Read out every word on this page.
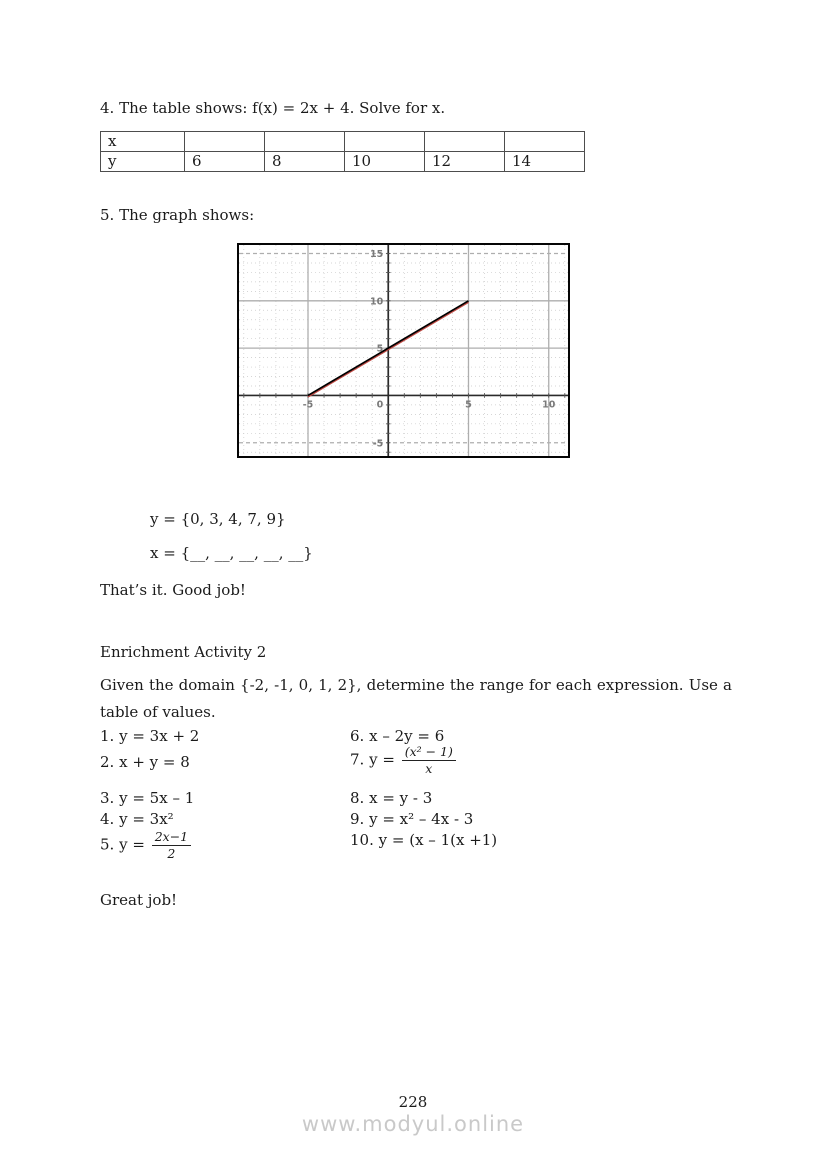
4. The table shows: f(x) = 2x + 4. Solve for x.
x					
y	6	8	10	12	14
5. The graph shows:
-5	0	5	10
-5
5
10
15
y = {0, 3, 4, 7, 9}
x = {__, __, __, __, __}
That’s it. Good job!
Enrichment Activity 2
Given the domain {-2, -1, 0, 1, 2}, determine the range for each expression. Use a table of values.
1. y = 3x + 2	6. x – 2y = 6
2. x + y = 8	7. $y = \frac{\text{(x² − 1)}}{x}$
3. y = 5x – 1	8. x = y - 3
4. y = 3x²	9. y = x² – 4x - 3
5. $y = \frac{2x-1}{2}$	10. y = (x – 1(x +1)
Great job!
228
www.modyul.online
